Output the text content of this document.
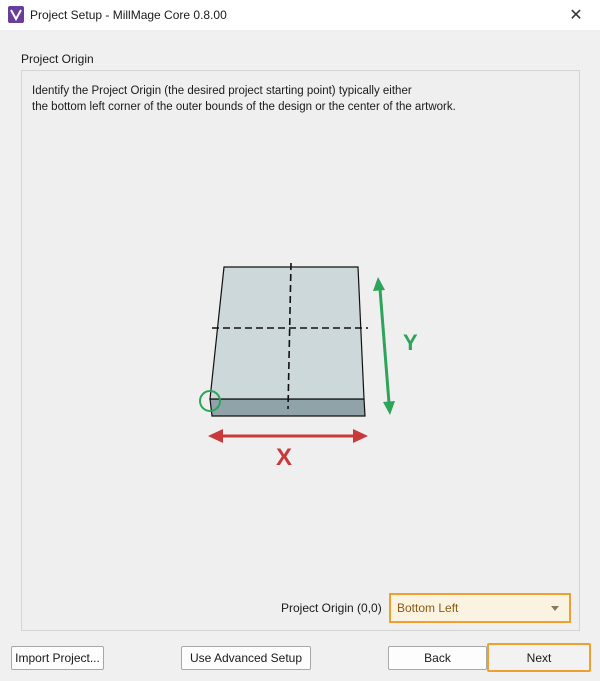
Project Setup - MillMage Core 0.8.00	✕
Project Origin
Identify the Project Origin (the desired project starting point) typically either
the bottom left corner of the outer bounds of the design or the center of the artwork.
Y
X
Project Origin (0,0) Bottom Left
Import Project...	Use Advanced Setup	Back	Next
